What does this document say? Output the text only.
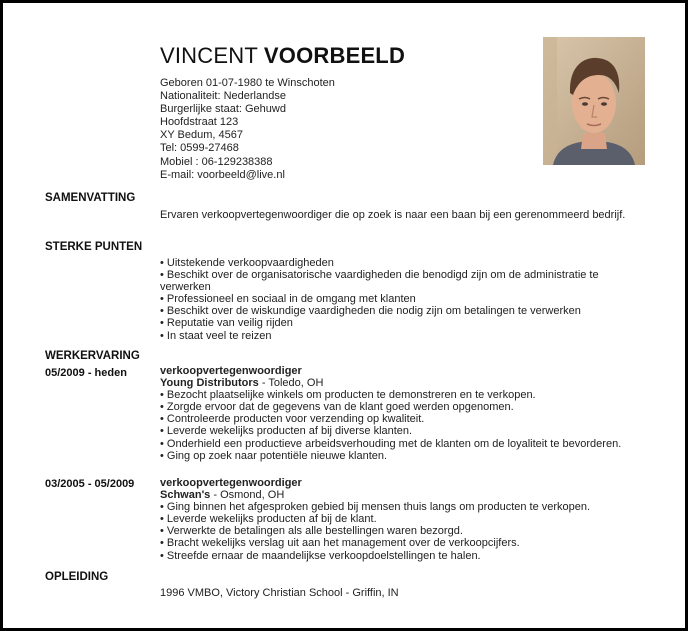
VINCENT VOORBEELD
Geboren 01-07-1980 te Winschoten
Nationaliteit: Nederlandse
Burgerlijke staat: Gehuwd
Hoofdstraat 123
XY Bedum, 4567
Tel: 0599-27468
Mobiel : 06-129238388
E-mail: voorbeeld@live.nl
SAMENVATTING
Ervaren verkoopvertegenwoordiger die op zoek is naar een baan bij een gerenommeerd bedrijf.
STERKE PUNTEN
• Uitstekende verkoopvaardigheden
• Beschikt over de organisatorische vaardigheden die benodigd zijn om de administratie te verwerken
• Professioneel en sociaal in de omgang met klanten
• Beschikt over de wiskundige vaardigheden die nodig zijn om betalingen te verwerken
• Reputatie van veilig rijden
• In staat veel te reizen
WERKERVARING
05/2009 - heden	verkoopvertegenwoordiger
Young Distributors - Toledo, OH
• Bezocht plaatselijke winkels om producten te demonstreren en te verkopen.
• Zorgde ervoor dat de gegevens van de klant goed werden opgenomen.
• Controleerde producten voor verzending op kwaliteit.
• Leverde wekelijks producten af bij diverse klanten.
• Onderhield een productieve arbeidsverhouding met de klanten om de loyaliteit te bevorderen.
• Ging op zoek naar potentiële nieuwe klanten.
03/2005 - 05/2009 verkoopvertegenwoordiger
Schwan's - Osmond, OH
• Ging binnen het afgesproken gebied bij mensen thuis langs om producten te verkopen.
• Leverde wekelijks producten af bij de klant.
• Verwerkte de betalingen als alle bestellingen waren bezorgd.
• Bracht wekelijks verslag uit aan het management over de verkoopcijfers.
• Streefde ernaar de maandelijkse verkoopdoelstellingen te halen.
OPLEIDING
1996 VMBO, Victory Christian School - Griffin, IN
